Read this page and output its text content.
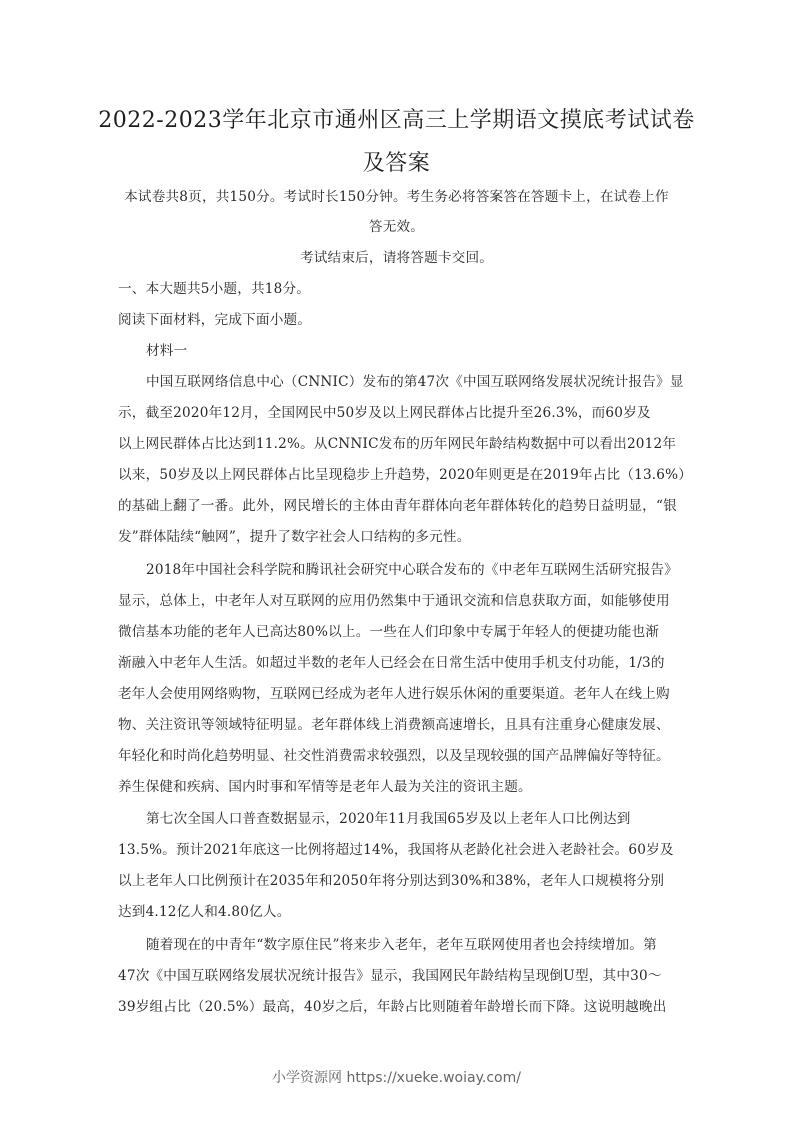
2022-2023学年北京市通州区高三上学期语文摸底考试试卷
及答案
本试卷共8页，共150分。考试时长150分钟。考生务必将答案答在答题卡上，在试卷上作
答无效。
考试结束后，请将答题卡交回。
一、本大题共5小题，共18分。
阅读下面材料，完成下面小题。
材料一
中国互联网络信息中心（CNNIC）发布的第47次《中国互联网络发展状况统计报告》显
示，截至2020年12月，全国网民中50岁及以上网民群体占比提升至26.3%，而60岁及
以上网民群体占比达到11.2%。从CNNIC发布的历年网民年龄结构数据中可以看出2012年
以来，50岁及以上网民群体占比呈现稳步上升趋势，2020年则更是在2019年占比（13.6%）
的基础上翻了一番。此外，网民增长的主体由青年群体向老年群体转化的趋势日益明显，“银
发”群体陆续“触网”，提升了数字社会人口结构的多元性。
2018年中国社会科学院和腾讯社会研究中心联合发布的《中老年互联网生活研究报告》
显示，总体上，中老年人对互联网的应用仍然集中于通讯交流和信息获取方面，如能够使用
微信基本功能的老年人已高达80%以上。一些在人们印象中专属于年轻人的便捷功能也渐
渐融入中老年人生活。如超过半数的老年人已经会在日常生活中使用手机支付功能，1/3的
老年人会使用网络购物，互联网已经成为老年人进行娱乐休闲的重要渠道。老年人在线上购
物、关注资讯等领域特征明显。老年群体线上消费额高速增长，且具有注重身心健康发展、
年轻化和时尚化趋势明显、社交性消费需求较强烈，以及呈现较强的国产品牌偏好等特征。
养生保健和疾病、国内时事和军情等是老年人最为关注的资讯主题。
第七次全国人口普查数据显示，2020年11月我国65岁及以上老年人口比例达到
13.5%。预计2021年底这一比例将超过14%，我国将从老龄化社会进入老龄社会。60岁及
以上老年人口比例预计在2035年和2050年将分别达到30%和38%，老年人口规模将分别
达到4.12亿人和4.80亿人。
随着现在的中青年“数字原住民”将来步入老年，老年互联网使用者也会持续增加。第
47次《中国互联网络发展状况统计报告》显示，我国网民年龄结构呈现倒U型，其中30～
39岁组占比（20.5%）最高，40岁之后，年龄占比则随着年龄增长而下降。这说明越晚出
小学资源网 https://xueke.woiay.com/
